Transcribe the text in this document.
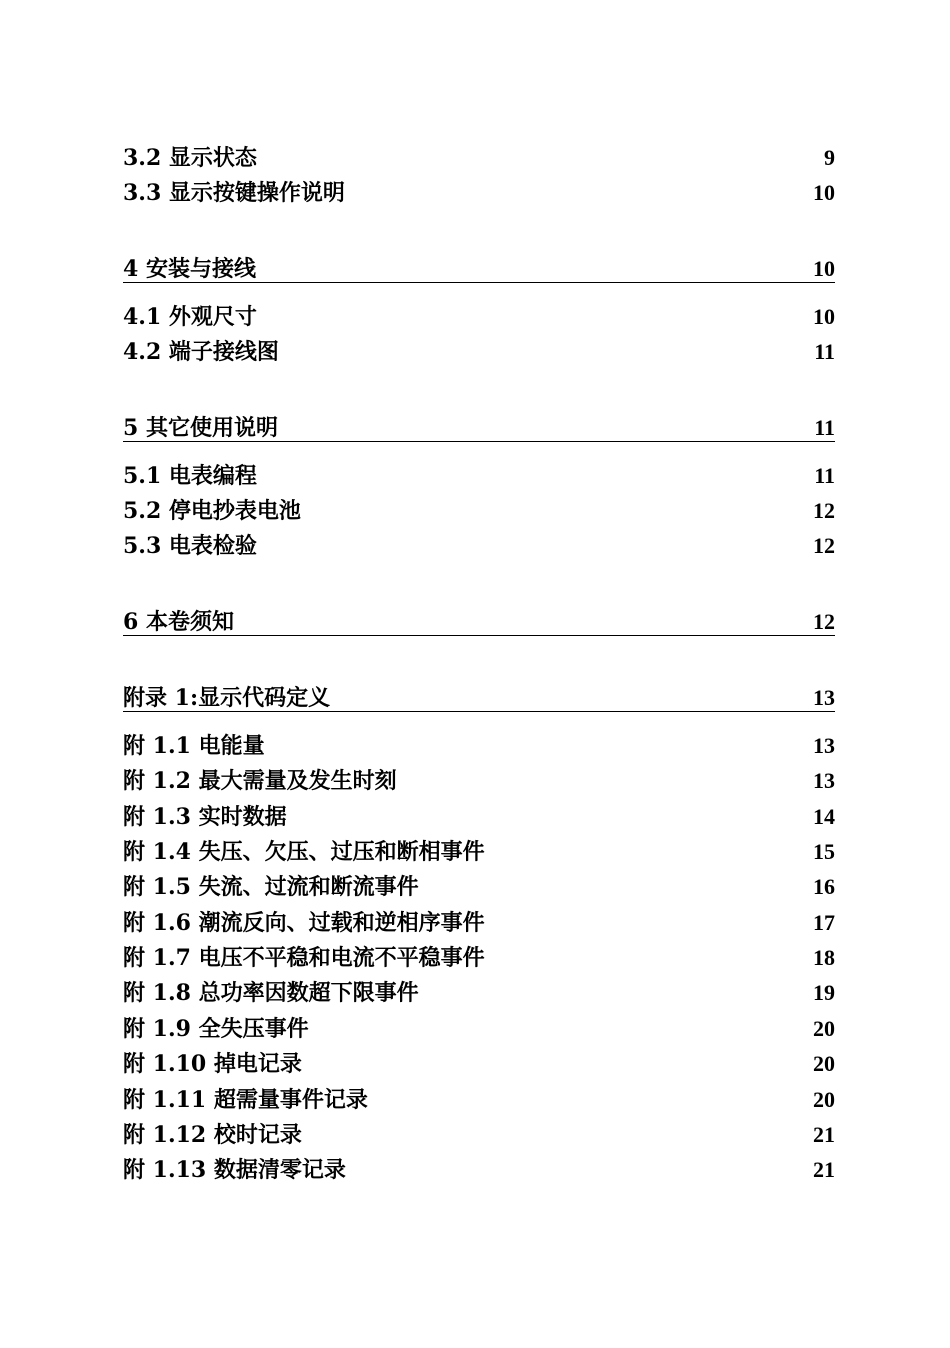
3.2 显示状态	9
3.3 显示按键操作说明	10
4 安装与接线	10
4.1 外观尺寸	10
4.2 端子接线图	11
5 其它使用说明	11
5.1 电表编程	11
5.2 停电抄表电池	12
5.3 电表检验	12
6 本卷须知	12
附录 1:显示代码定义	13
附 1.1 电能量	13
附 1.2 最大需量及发生时刻	13
附 1.3 实时数据	14
附 1.4 失压、欠压、过压和断相事件	15
附 1.5 失流、过流和断流事件	16
附 1.6 潮流反向、过载和逆相序事件	17
附 1.7 电压不平稳和电流不平稳事件	18
附 1.8 总功率因数超下限事件	19
附 1.9 全失压事件	20
附 1.10 掉电记录	20
附 1.11 超需量事件记录	20
附 1.12 校时记录	21
附 1.13 数据清零记录	21
